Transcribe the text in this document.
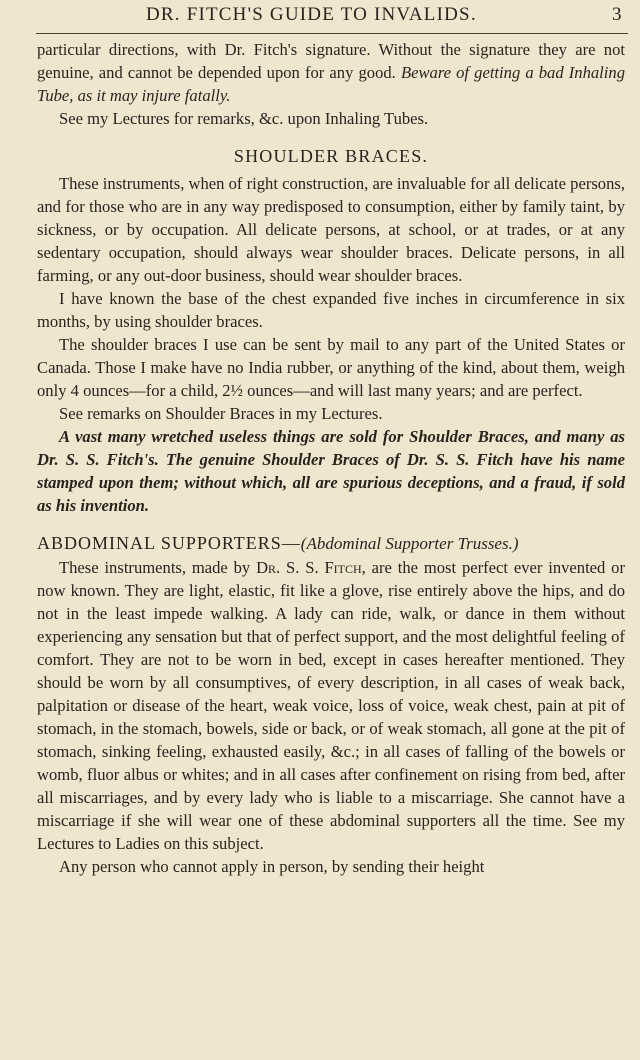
DR. FITCH'S GUIDE TO INVALIDS.	3

particular directions, with Dr. Fitch's signature. Without the signature they are not genuine, and cannot be depended upon for any good. Beware of getting a bad Inhaling Tube, as it may injure fatally.

See my Lectures for remarks, &c. upon Inhaling Tubes.

SHOULDER BRACES.

These instruments, when of right construction, are invaluable for all delicate persons, and for those who are in any way predisposed to consumption, either by family taint, by sickness, or by occupation. All delicate persons, at school, or at trades, or at any sedentary occupation, should always wear shoulder braces. Delicate persons, in all farming, or any out-door business, should wear shoulder braces.

I have known the base of the chest expanded five inches in circumference in six months, by using shoulder braces.

The shoulder braces I use can be sent by mail to any part of the United States or Canada. Those I make have no India rubber, or anything of the kind, about them, weigh only 4 ounces—for a child, 2½ ounces—and will last many years; and are perfect.

See remarks on Shoulder Braces in my Lectures.

A vast many wretched useless things are sold for Shoulder Braces, and many as Dr. S. S. Fitch's. The genuine Shoulder Braces of Dr. S. S. Fitch have his name stamped upon them; without which, all are spurious deceptions, and a fraud, if sold as his invention.

ABDOMINAL SUPPORTERS—(Abdominal Supporter Trusses.)

These instruments, made by Dr. S. S. Fitch, are the most perfect ever invented or now known. They are light, elastic, fit like a glove, rise entirely above the hips, and do not in the least impede walking. A lady can ride, walk, or dance in them without experiencing any sensation but that of perfect support, and the most delightful feeling of comfort. They are not to be worn in bed, except in cases hereafter mentioned. They should be worn by all consumptives, of every description, in all cases of weak back, palpitation or disease of the heart, weak voice, loss of voice, weak chest, pain at pit of stomach, in the stomach, bowels, side or back, or of weak stomach, all gone at the pit of stomach, sinking feeling, exhausted easily, &c.; in all cases of falling of the bowels or womb, fluor albus or whites; and in all cases after confinement on rising from bed, after all miscarriages, and by every lady who is liable to a miscarriage. She cannot have a miscarriage if she will wear one of these abdominal supporters all the time. See my Lectures to Ladies on this subject.

Any person who cannot apply in person, by sending their height
